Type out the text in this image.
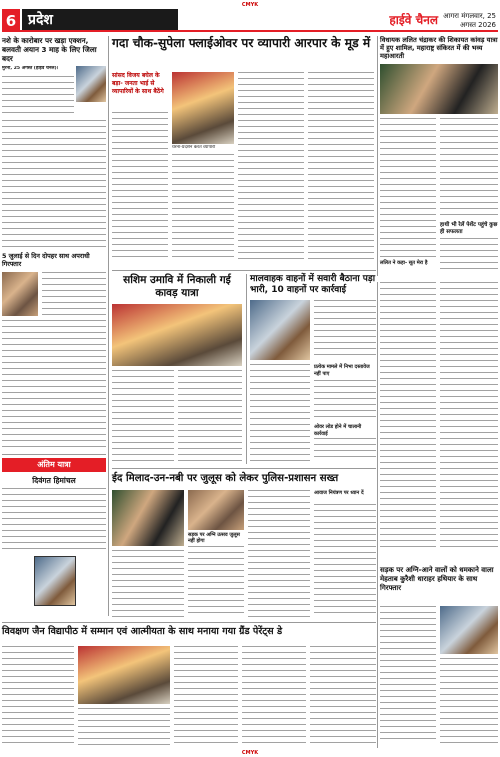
CMYK
6 प्रदेश	हाईवे चैनल आगरा मंगलवार, 25 अगस्त 2026
नशे के कारोबार पर खड़ा एक्शन, बलवती अयान 3 माह के लिए जिला बदर
मुरैना, 25 अगस्त (हाईवे चैनल)।
5 जुलाई से दिन दोपहर साथ अपराधी गिरफ्तार
अंतिम यात्रा
दिवंगत हिमांचल
गदा चौक-सुपेला फ्लाईओवर पर व्यापारी आरपार के मूड में
सांसद विजय बघेल के बड़ा- जनता भाई से व्यापारियों के साथ बैठेंगे
धरना-प्रदर्शन करते व्यापारी
विधायक ललित चंद्राकर की शिकायत कांवड़ यात्रा में हुए शामिल, महाराष्ट्र संकिरत में की भव्य महाआरती
ललित ने कहा- सूत मेरा है
हाथी भी रेलें पेशेंट पहुंचे कुछ ही सफलता
सशिम उमावि में निकाली गई कावड़ यात्रा
मालवाहक वाहनों में सवारी बैठाना पड़ा भारी, 10 वाहनों पर कार्रवाई
प्रत्येक मामले में निभा दस्तावेज नहीं पाए
ओवर लोड होने में चालानी कार्रवाई
ईद मिलाद-उन-नबी पर जुलूस को लेकर पुलिस-प्रशासन सख्त
सड़क पर अग्नि उत्सव जुलूस नहीं होगा
आवाज नियंत्रण पर ध्यान दें
सड़क पर अग्नि-आने वालों को धमकाने वाला मेहताब कुरैशी धाराहर हथियार के साथ गिरफ्तार
विवक्षण जैन विद्यापीठ में सम्मान एवं आत्मीयता के साथ मनाया गया ग्रैंड पेरेंट्स डे
CMYK
